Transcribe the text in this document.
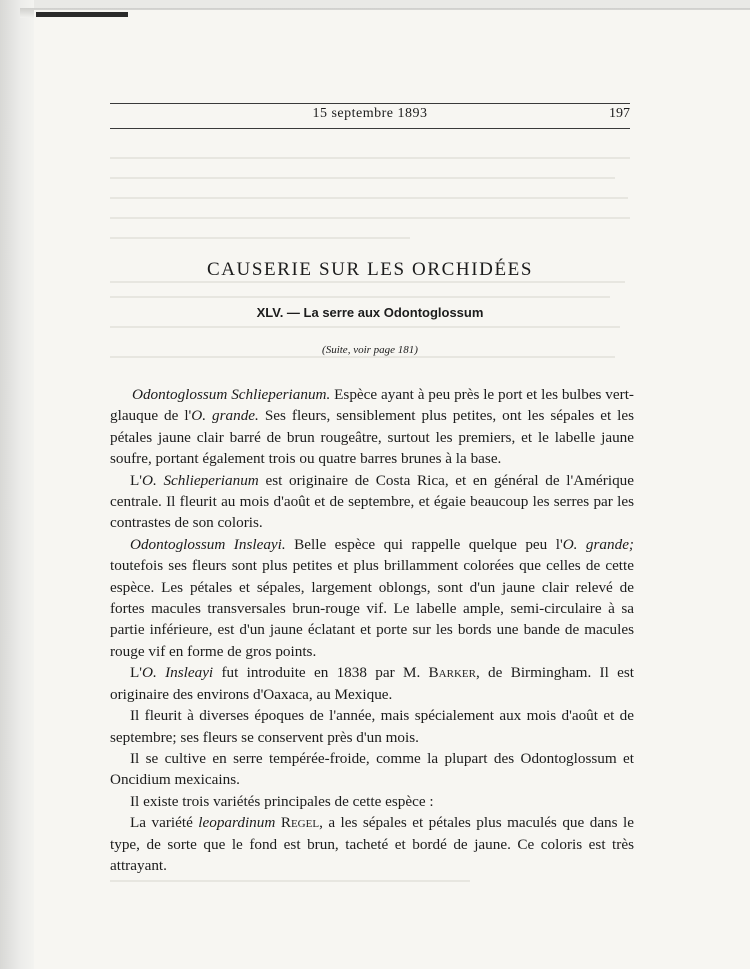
15 septembre 1893	197
CAUSERIE SUR LES ORCHIDÉES
XLV. — La serre aux Odontoglossum
(Suite, voir page 181)

Odontoglossum Schlieperianum. Espèce ayant à peu près le port et les bulbes vert-glauque de l'O. grande. Ses fleurs, sensiblement plus petites, ont les sépales et les pétales jaune clair barré de brun rougeâtre, surtout les premiers, et le labelle jaune soufre, portant également trois ou quatre barres brunes à la base.

L'O. Schlieperianum est originaire de Costa Rica, et en général de l'Amérique centrale. Il fleurit au mois d'août et de septembre, et égaie beaucoup les serres par les contrastes de son coloris.

Odontoglossum Insleayi. Belle espèce qui rappelle quelque peu l'O. grande; toutefois ses fleurs sont plus petites et plus brillamment colorées que celles de cette espèce. Les pétales et sépales, largement oblongs, sont d'un jaune clair relevé de fortes macules transversales brun-rouge vif. Le labelle ample, semi-circulaire à sa partie inférieure, est d'un jaune éclatant et porte sur les bords une bande de macules rouge vif en forme de gros points.

L'O. Insleayi fut introduite en 1838 par M. Barker, de Birmingham. Il est originaire des environs d'Oaxaca, au Mexique.

Il fleurit à diverses époques de l'année, mais spécialement aux mois d'août et de septembre; ses fleurs se conservent près d'un mois.

Il se cultive en serre tempérée-froide, comme la plupart des Odontoglossum et Oncidium mexicains.

Il existe trois variétés principales de cette espèce :

La variété leopardinum Regel, a les sépales et pétales plus maculés que dans le type, de sorte que le fond est brun, tacheté et bordé de jaune. Ce coloris est très attrayant.
